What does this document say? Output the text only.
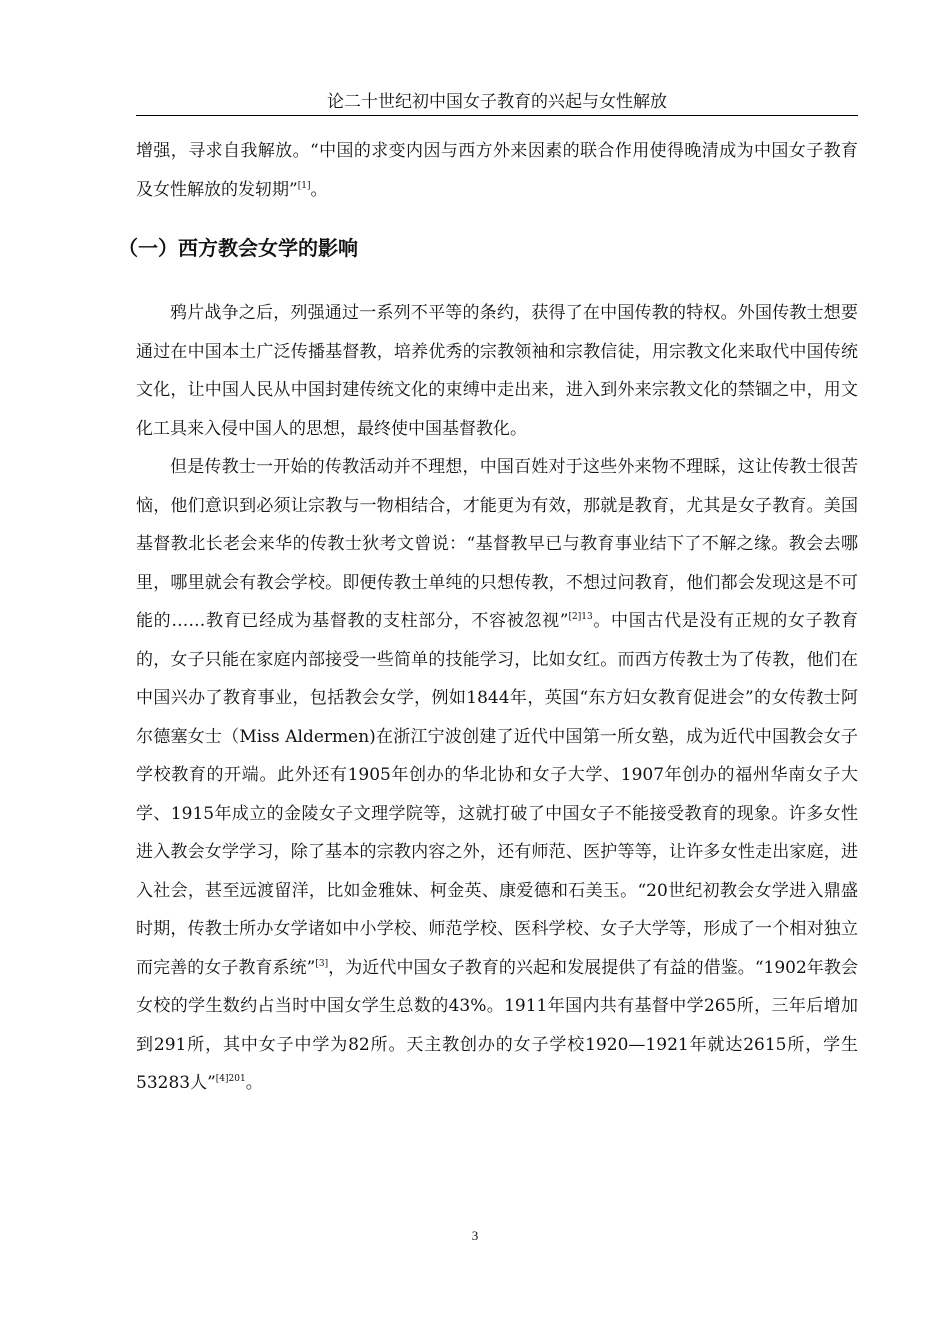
论二十世纪初中国女子教育的兴起与女性解放

增强，寻求自我解放。“中国的求变内因与西方外来因素的联合作用使得晚清成为中国女子教育及女性解放的发轫期”[1]。

（一）西方教会女学的影响

鸦片战争之后，列强通过一系列不平等的条约，获得了在中国传教的特权。外国传教士想要通过在中国本土广泛传播基督教，培养优秀的宗教领袖和宗教信徒，用宗教文化来取代中国传统文化，让中国人民从中国封建传统文化的束缚中走出来，进入到外来宗教文化的禁锢之中，用文化工具来入侵中国人的思想，最终使中国基督教化。

但是传教士一开始的传教活动并不理想，中国百姓对于这些外来物不理睬，这让传教士很苦恼，他们意识到必须让宗教与一物相结合，才能更为有效，那就是教育，尤其是女子教育。美国基督教北长老会来华的传教士狄考文曾说：“基督教早已与教育事业结下了不解之缘。教会去哪里，哪里就会有教会学校。即便传教士单纯的只想传教，不想过问教育，他们都会发现这是不可能的……教育已经成为基督教的支柱部分，不容被忽视”$^{[2]13}$。中国古代是没有正规的女子教育的，女子只能在家庭内部接受一些简单的技能学习，比如女红。而西方传教士为了传教，他们在中国兴办了教育事业，包括教会女学，例如1844年，英国“东方妇女教育促进会”的女传教士阿尔德塞女士（Miss Aldermen)在浙江宁波创建了近代中国第一所女塾，成为近代中国教会女子学校教育的开端。此外还有1905年创办的华北协和女子大学、1907年创办的福州华南女子大学、1915年成立的金陵女子文理学院等，这就打破了中国女子不能接受教育的现象。许多女性进入教会女学学习，除了基本的宗教内容之外，还有师范、医护等等，让许多女性走出家庭，进入社会，甚至远渡留洋，比如金雅妹、柯金英、康爱德和石美玉。“20世纪初教会女学进入鼎盛时期，传教士所办女学诸如中小学校、师范学校、医科学校、女子大学等，形成了一个相对独立而完善的女子教育系统”[3]，为近代中国女子教育的兴起和发展提供了有益的借鉴。“1902年教会女校的学生数约占当时中国女学生总数的43%。1911年国内共有基督中学265所，三年后增加到291所，其中女子中学为82所。天主教创办的女子学校1920—1921年就达2615所，学生53283人”$^{[4]201}$。

3
